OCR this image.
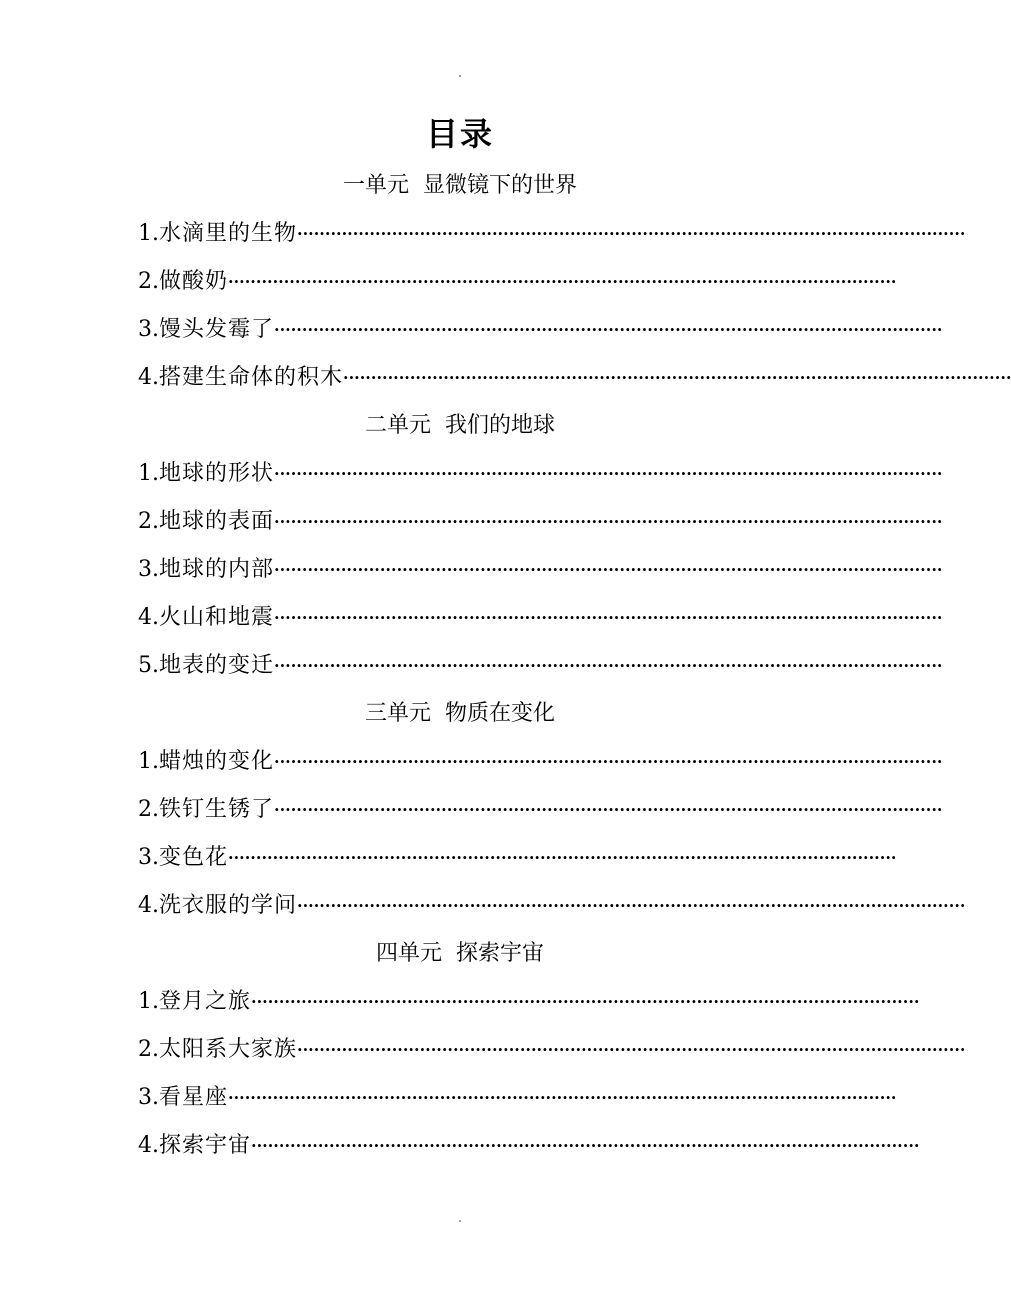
目录
一单元  显微镜下的世界
1.水滴里的生物························································································································
2.做酸奶························································································································
3.馒头发霉了························································································································
4.搭建生命体的积木························································································································
二单元  我们的地球
1.地球的形状························································································································
2.地球的表面························································································································
3.地球的内部························································································································
4.火山和地震························································································································
5.地表的变迁························································································································
三单元  物质在变化
1.蜡烛的变化························································································································
2.铁钉生锈了························································································································
3.变色花························································································································
4.洗衣服的学问························································································································
四单元  探索宇宙
1.登月之旅························································································································
2.太阳系大家族························································································································
3.看星座························································································································
4.探索宇宙························································································································
